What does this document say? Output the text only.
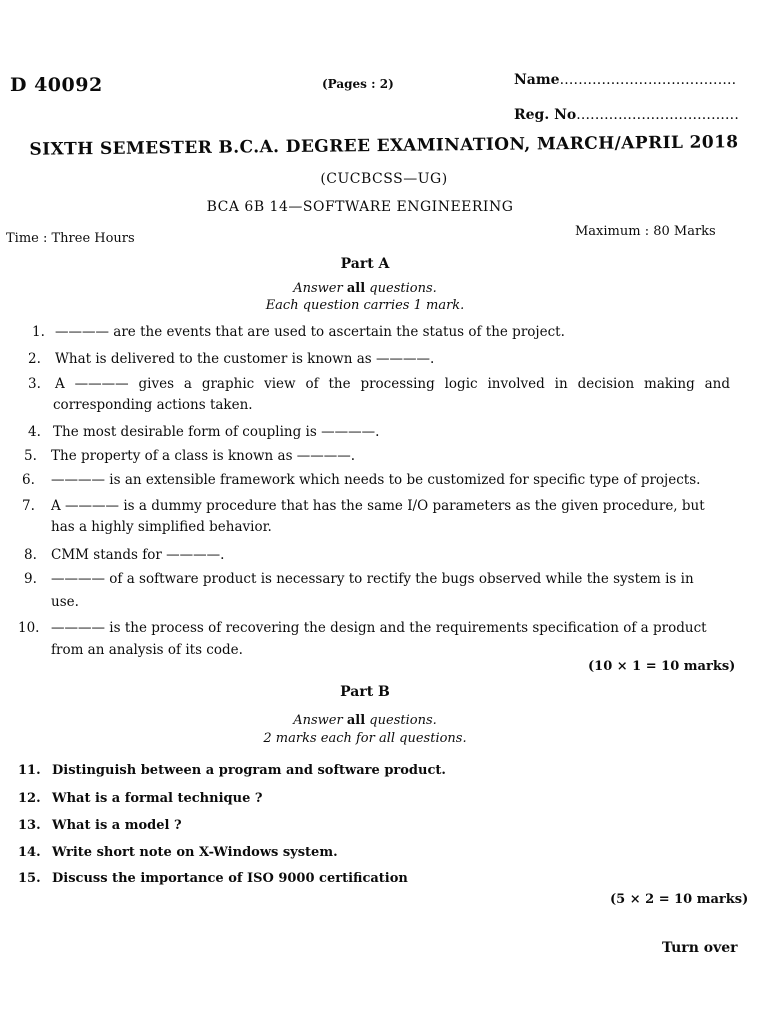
D 40092	(Pages : 2)	Name......................................
Reg. No...................................
SIXTH SEMESTER B.C.A. DEGREE EXAMINATION, MARCH/APRIL 2018
(CUCBCSS—UG)
BCA 6B 14—SOFTWARE ENGINEERING
Time : Three Hours	Maximum : 80 Marks
Part A
Answer all questions.
Each question carries 1 mark.
1. ———— are the events that are used to ascertain the status of the project.
2. What is delivered to the customer is known as ————.
3. A ———— gives a graphic view of the processing logic involved in decision making and
corresponding actions taken.
4. The most desirable form of coupling is ————.
5. The property of a class is known as ————.
6. ———— is an extensible framework which needs to be customized for specific type of projects.
7. A ———— is a dummy procedure that has the same I/O parameters as the given procedure, but
has a highly simplified behavior.
8. CMM stands for ————.
9. ———— of a software product is necessary to rectify the bugs observed while the system is in
use.
10. ———— is the process of recovering the design and the requirements specification of a product
from an analysis of its code.
(10 × 1 = 10 marks)
Part B
Answer all questions.
2 marks each for all questions.
11. Distinguish between a program and software product.
12. What is a formal technique ?
13. What is a model ?
14. Write short note on X-Windows system.
15. Discuss the importance of ISO 9000 certification
(5 × 2 = 10 marks)
Turn over
